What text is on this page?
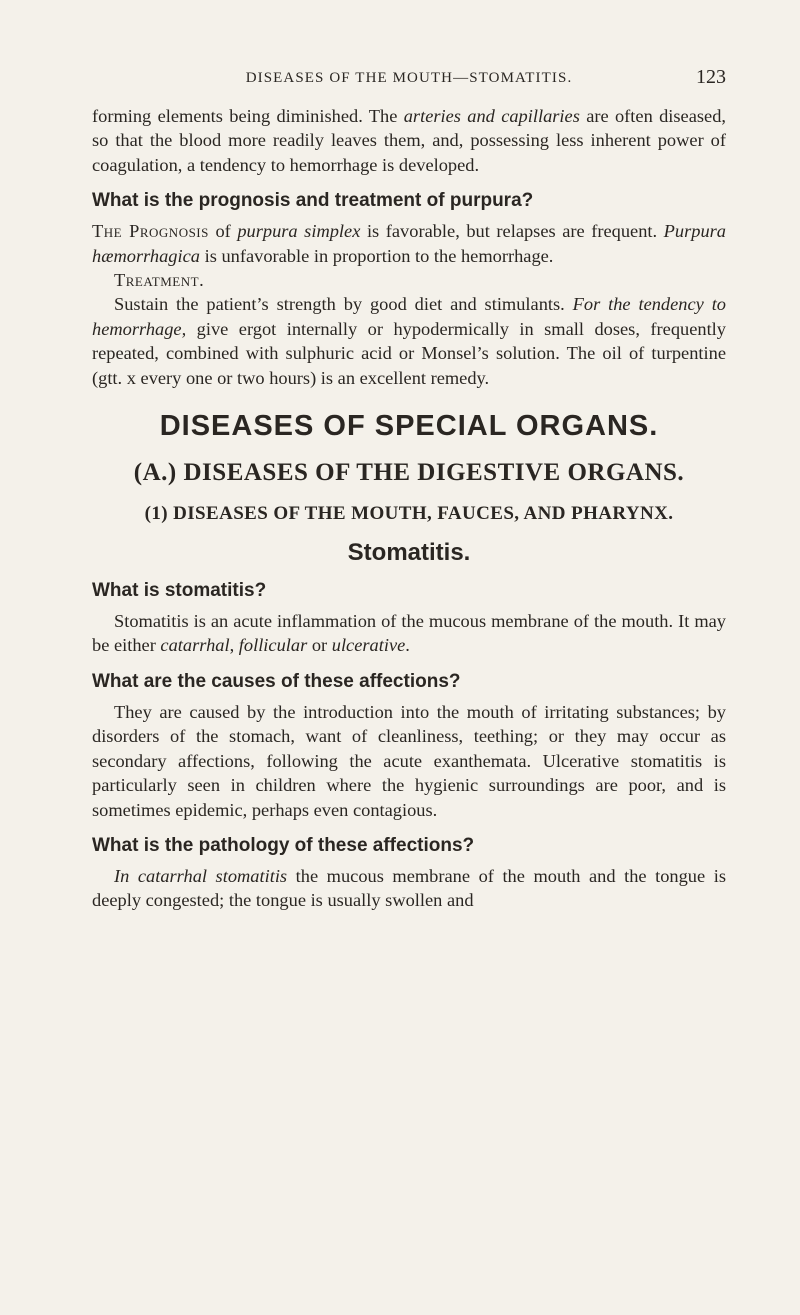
DISEASES OF THE MOUTH—STOMATITIS.	123

forming elements being diminished. The arteries and capillaries are often diseased, so that the blood more readily leaves them, and, possessing less inherent power of coagulation, a tendency to hemorrhage is developed.

What is the prognosis and treatment of purpura?

The Prognosis of purpura simplex is favorable, but relapses are frequent. Purpura hæmorrhagica is unfavorable in proportion to the hemorrhage.

Treatment.

Sustain the patient’s strength by good diet and stimulants. For the tendency to hemorrhage, give ergot internally or hypodermically in small doses, frequently repeated, combined with sulphuric acid or Monsel’s solution. The oil of turpentine (gtt. x every one or two hours) is an excellent remedy.

DISEASES OF SPECIAL ORGANS.
(A.) DISEASES OF THE DIGESTIVE ORGANS.
(1) DISEASES OF THE MOUTH, FAUCES, AND PHARYNX.
Stomatitis.
What is stomatitis?

Stomatitis is an acute inflammation of the mucous membrane of the mouth. It may be either catarrhal, follicular or ulcerative.

What are the causes of these affections?

They are caused by the introduction into the mouth of irritating substances; by disorders of the stomach, want of cleanliness, teething; or they may occur as secondary affections, following the acute exanthemata. Ulcerative stomatitis is particularly seen in children where the hygienic surroundings are poor, and is sometimes epidemic, perhaps even contagious.

What is the pathology of these affections?

In catarrhal stomatitis the mucous membrane of the mouth and the tongue is deeply congested; the tongue is usually swollen and
